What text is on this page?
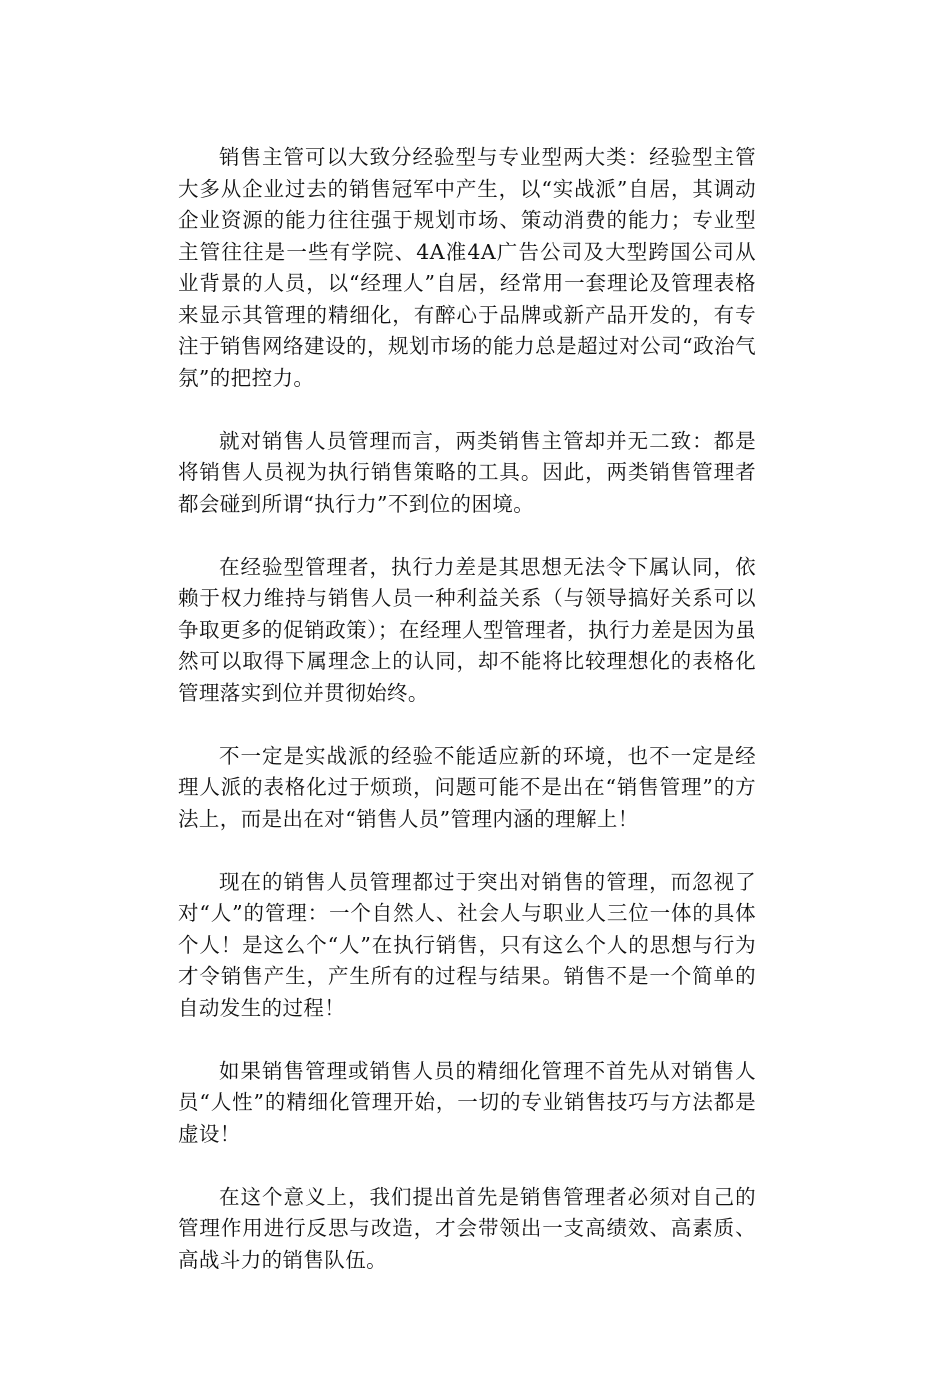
销售主管可以大致分经验型与专业型两大类：经验型主管大多从企业过去的销售冠军中产生，以“实战派”自居，其调动企业资源的能力往往强于规划市场、策动消费的能力；专业型主管往往是一些有学院、4A准4A广告公司及大型跨国公司从业背景的人员，以“经理人”自居，经常用一套理论及管理表格来显示其管理的精细化，有醉心于品牌或新产品开发的，有专注于销售网络建设的，规划市场的能力总是超过对公司“政治气氛”的把控力。

就对销售人员管理而言，两类销售主管却并无二致：都是将销售人员视为执行销售策略的工具。因此，两类销售管理者都会碰到所谓“执行力”不到位的困境。

在经验型管理者，执行力差是其思想无法令下属认同，依赖于权力维持与销售人员一种利益关系（与领导搞好关系可以争取更多的促销政策）；在经理人型管理者，执行力差是因为虽然可以取得下属理念上的认同，却不能将比较理想化的表格化管理落实到位并贯彻始终。

不一定是实战派的经验不能适应新的环境，也不一定是经理人派的表格化过于烦琐，问题可能不是出在“销售管理”的方法上，而是出在对“销售人员”管理内涵的理解上！

现在的销售人员管理都过于突出对销售的管理，而忽视了对“人”的管理：一个自然人、社会人与职业人三位一体的具体个人！是这么个“人”在执行销售，只有这么个人的思想与行为才令销售产生，产生所有的过程与结果。销售不是一个简单的自动发生的过程！

如果销售管理或销售人员的精细化管理不首先从对销售人员“人性”的精细化管理开始，一切的专业销售技巧与方法都是虚设！

在这个意义上，我们提出首先是销售管理者必须对自己的管理作用进行反思与改造，才会带领出一支高绩效、高素质、高战斗力的销售队伍。
